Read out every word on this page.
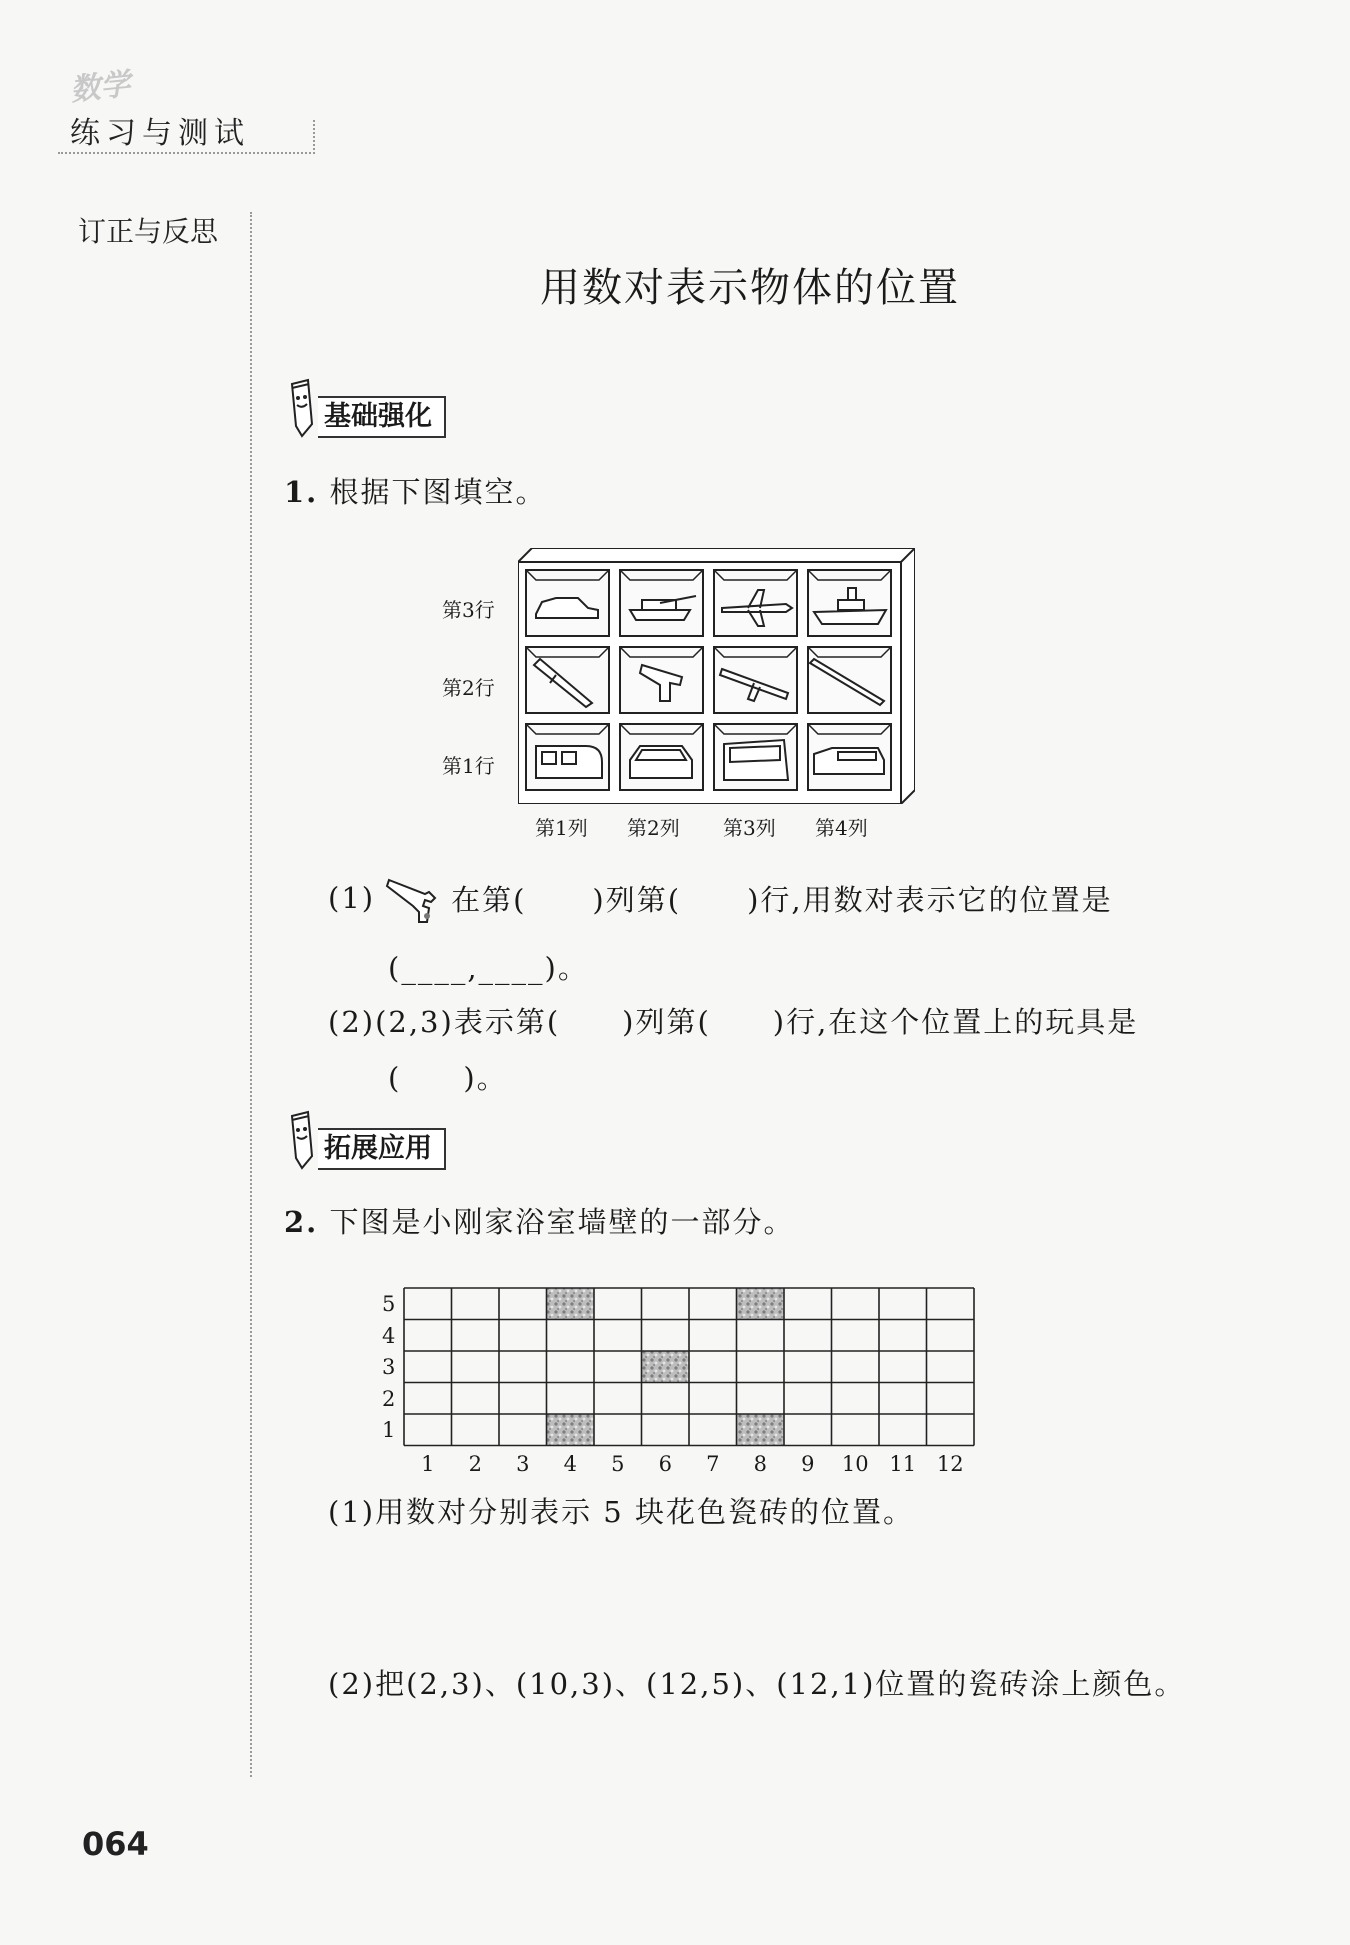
数学
练习与测试
订正与反思
用数对表示物体的位置
基础强化
1. 根据下图填空。
第3行
第2行
第1行
第1列 第2列 第3列 第4列
(1)	在第( )列第( )行,用数对表示它的位置是
(____,____)。
(2)(2,3)表示第(　　)列第(　　)行,在这个位置上的玩具是
(　　)。
拓展应用
2. 下图是小刚家浴室墙壁的一部分。
(1)用数对分别表示 5 块花色瓷砖的位置。
(2)把(2,3)、(10,3)、(12,5)、(12,1)位置的瓷砖涂上颜色。
064
5
4
3
2
1
1	2	3	4	5	6	7	8	9	10 11 12
